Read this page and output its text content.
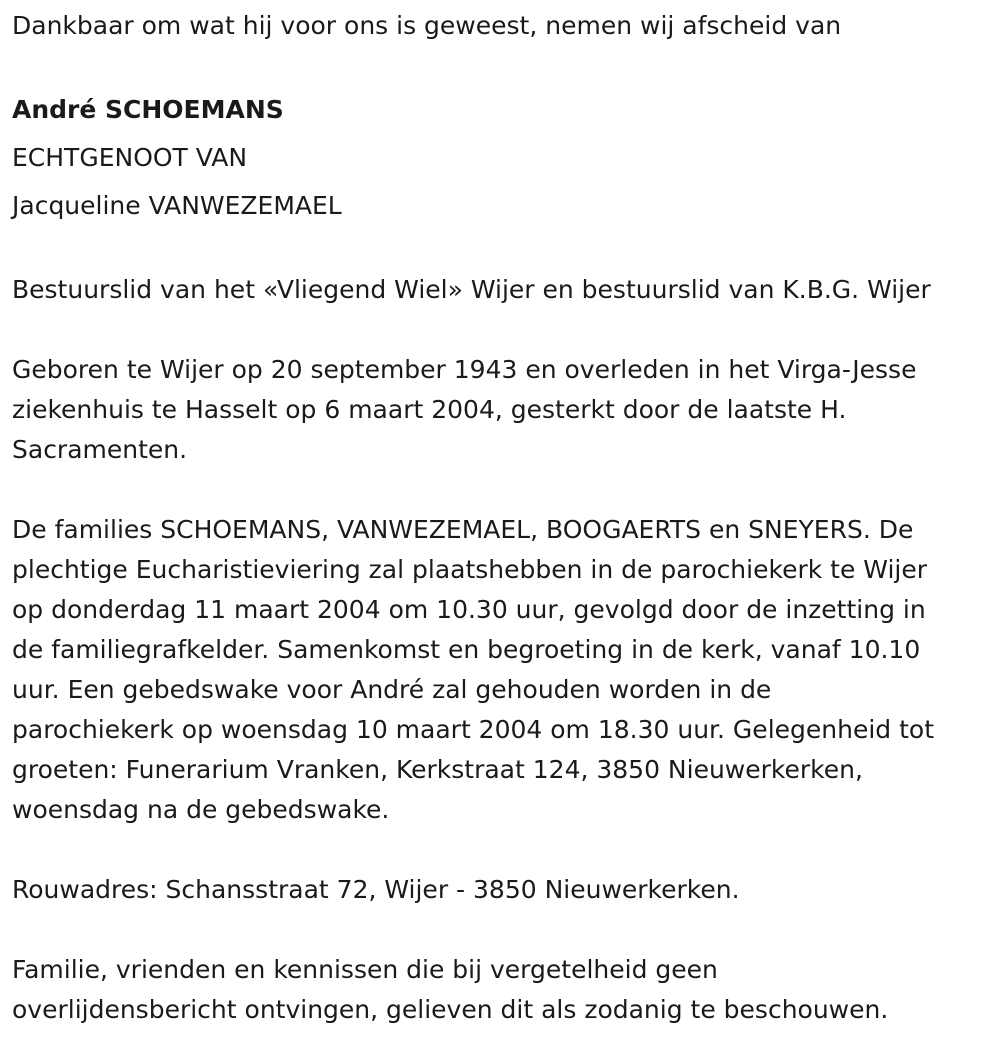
Dankbaar om wat hij voor ons is geweest, nemen wij afscheid van

André SCHOEMANS

ECHTGENOOT VAN

Jacqueline VANWEZEMAEL

Bestuurslid van het «Vliegend Wiel» Wijer en bestuurslid van K.B.G. Wijer

Geboren te Wijer op 20 september 1943 en overleden in het Virga-Jesse
ziekenhuis te Hasselt op 6 maart 2004, gesterkt door de laatste H.
Sacramenten.
De families SCHOEMANS, VANWEZEMAEL, BOOGAERTS en SNEYERS. De
plechtige Eucharistieviering zal plaatshebben in de parochiekerk te Wijer
op donderdag 11 maart 2004 om 10.30 uur, gevolgd door de inzetting in
de familiegrafkelder. Samenkomst en begroeting in de kerk, vanaf 10.10
uur. Een gebedswake voor André zal gehouden worden in de
parochiekerk op woensdag 10 maart 2004 om 18.30 uur. Gelegenheid tot
groeten: Funerarium Vranken, Kerkstraat 124, 3850 Nieuwerkerken,
woensdag na de gebedswake.
Rouwadres: Schansstraat 72, Wijer - 3850 Nieuwerkerken.
Familie, vrienden en kennissen die bij vergetelheid geen
overlijdensbericht ontvingen, gelieven dit als zodanig te beschouwen.
